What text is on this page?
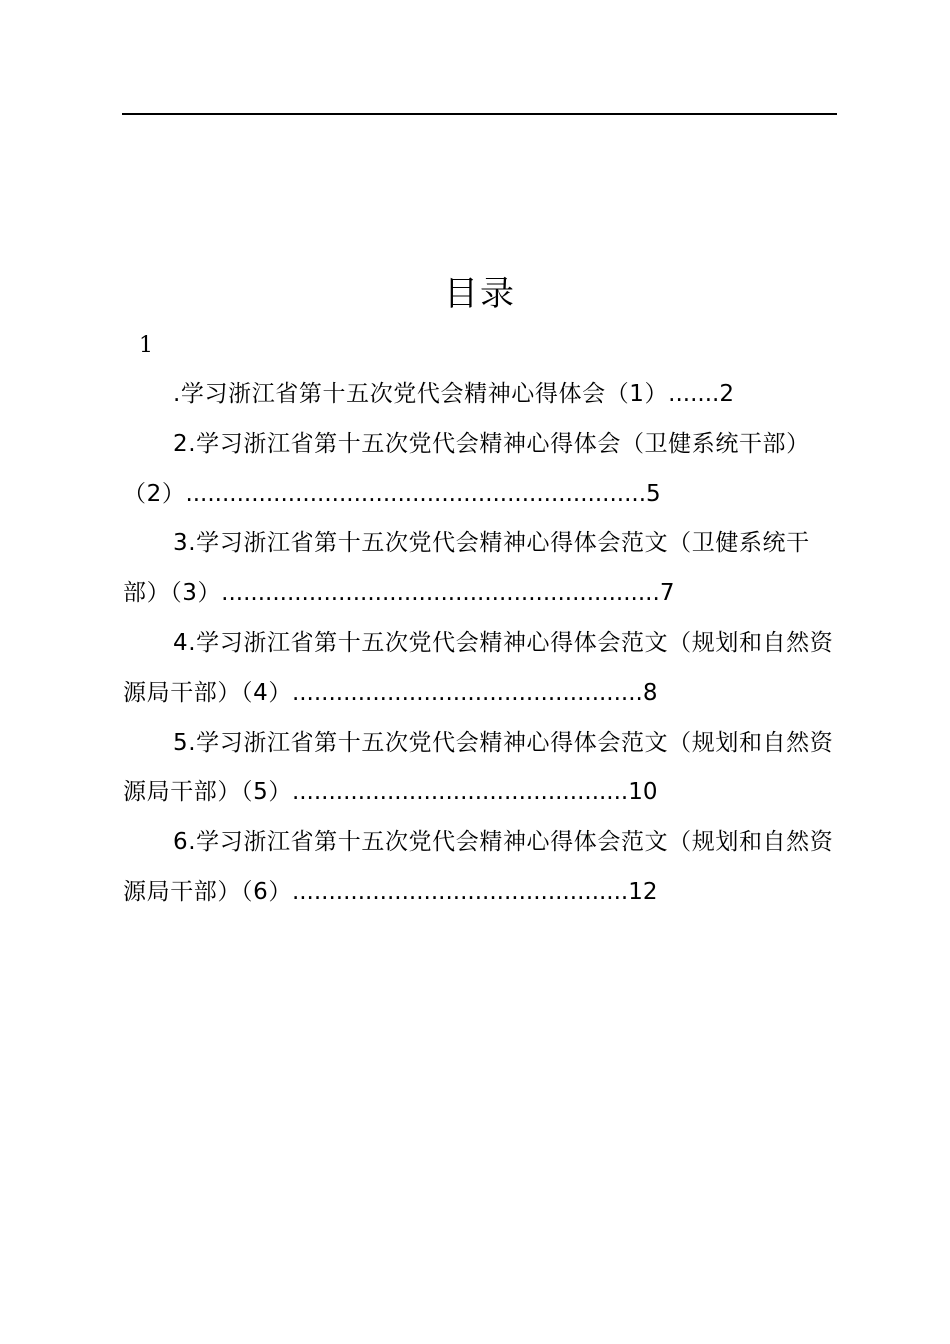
目录
1
.学习浙江省第十五次党代会精神心得体会（1）.......2
2.学习浙江省第十五次党代会精神心得体会（卫健系统干部）（2）...............................................................5
3.学习浙江省第十五次党代会精神心得体会范文（卫健系统干部）（3）............................................................7
4.学习浙江省第十五次党代会精神心得体会范文（规划和自然资源局干部）（4）................................................8
5.学习浙江省第十五次党代会精神心得体会范文（规划和自然资源局干部）（5）..............................................10
6.学习浙江省第十五次党代会精神心得体会范文（规划和自然资源局干部）（6）..............................................12
